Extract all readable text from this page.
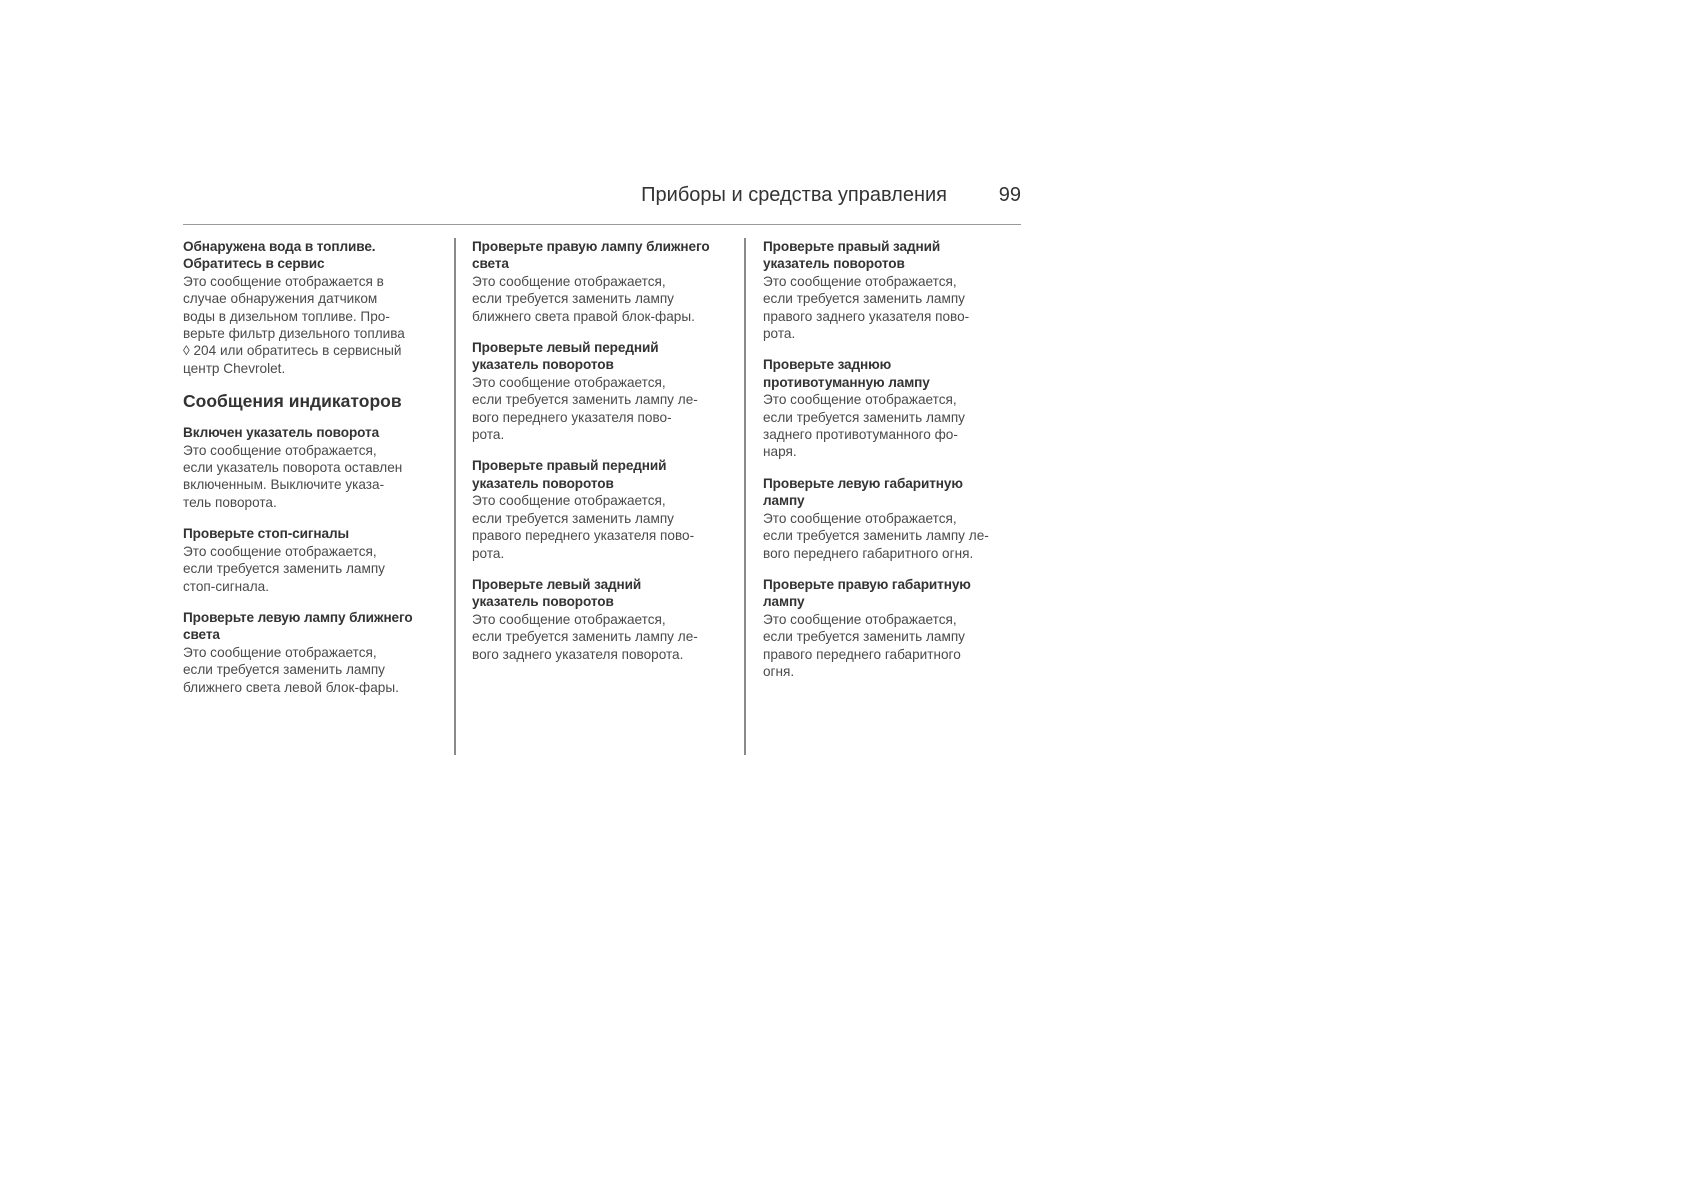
Приборы и средства управления	99
Обнаружена вода в топливе.
Обратитесь в сервис
Это сообщение отображается в
случае обнаружения датчиком
воды в дизельном топливе. Про-
верьте фильтр дизельного топлива
◊ 204 или обратитесь в сервисный
центр Chevrolet.
Сообщения индикаторов
Включен указатель поворота
Это сообщение отображается,
если указатель поворота оставлен
включенным. Выключите указа-
тель поворота.
Проверьте стоп-сигналы
Это сообщение отображается,
если требуется заменить лампу
стоп-сигнала.
Проверьте левую лампу ближнего
света
Это сообщение отображается,
если требуется заменить лампу
ближнего света левой блок-фары.
Проверьте правую лампу ближнего
света
Это сообщение отображается,
если требуется заменить лампу
ближнего света правой блок-фары.
Проверьте левый передний
указатель поворотов
Это сообщение отображается,
если требуется заменить лампу ле-
вого переднего указателя пово-
рота.
Проверьте правый передний
указатель поворотов
Это сообщение отображается,
если требуется заменить лампу
правого переднего указателя пово-
рота.
Проверьте левый задний
указатель поворотов
Это сообщение отображается,
если требуется заменить лампу ле-
вого заднего указателя поворота.
Проверьте правый задний
указатель поворотов
Это сообщение отображается,
если требуется заменить лампу
правого заднего указателя пово-
рота.
Проверьте заднюю
противотуманную лампу
Это сообщение отображается,
если требуется заменить лампу
заднего противотуманного фо-
наря.
Проверьте левую габаритную
лампу
Это сообщение отображается,
если требуется заменить лампу ле-
вого переднего габаритного огня.
Проверьте правую габаритную
лампу
Это сообщение отображается,
если требуется заменить лампу
правого переднего габаритного
огня.
